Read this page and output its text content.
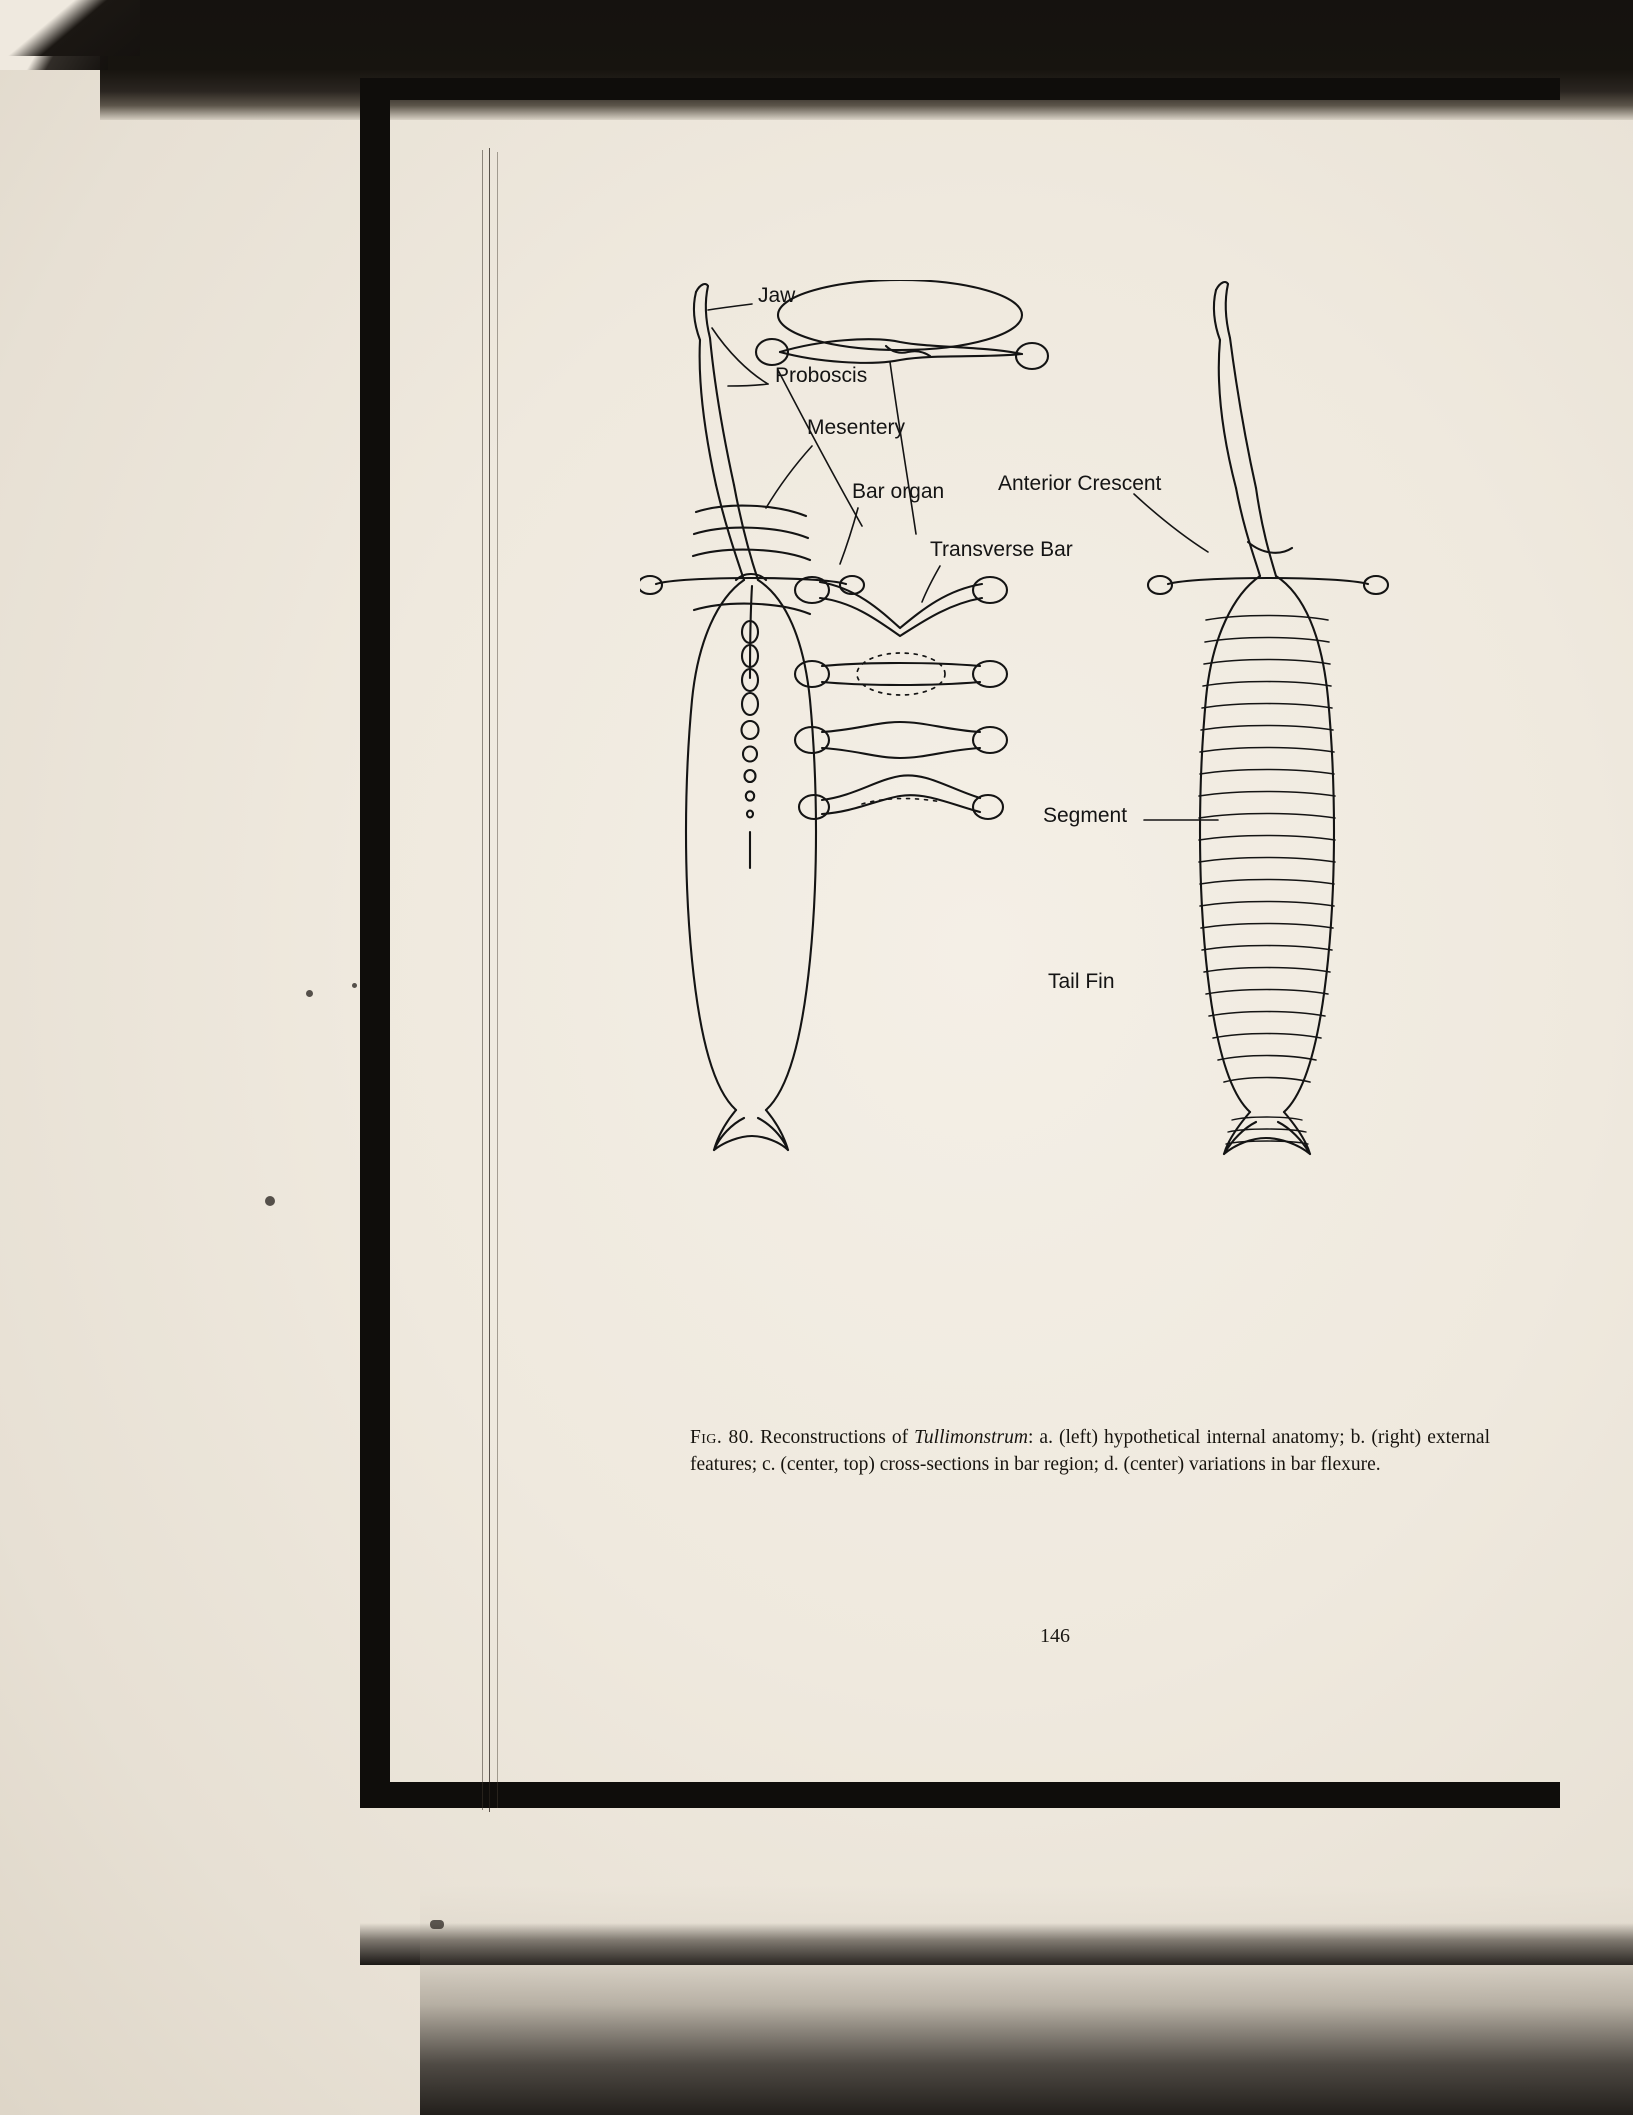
Jaw
Proboscis
Mesentery
Bar organ
Transverse Bar
Anterior Crescent
Segment
Tail Fin
Fig. 80. Reconstructions of Tullimonstrum: a. (left) hypothetical internal anatomy; b. (right) external features; c. (center, top) cross-sections in bar region; d. (center) variations in bar flexure.
146
